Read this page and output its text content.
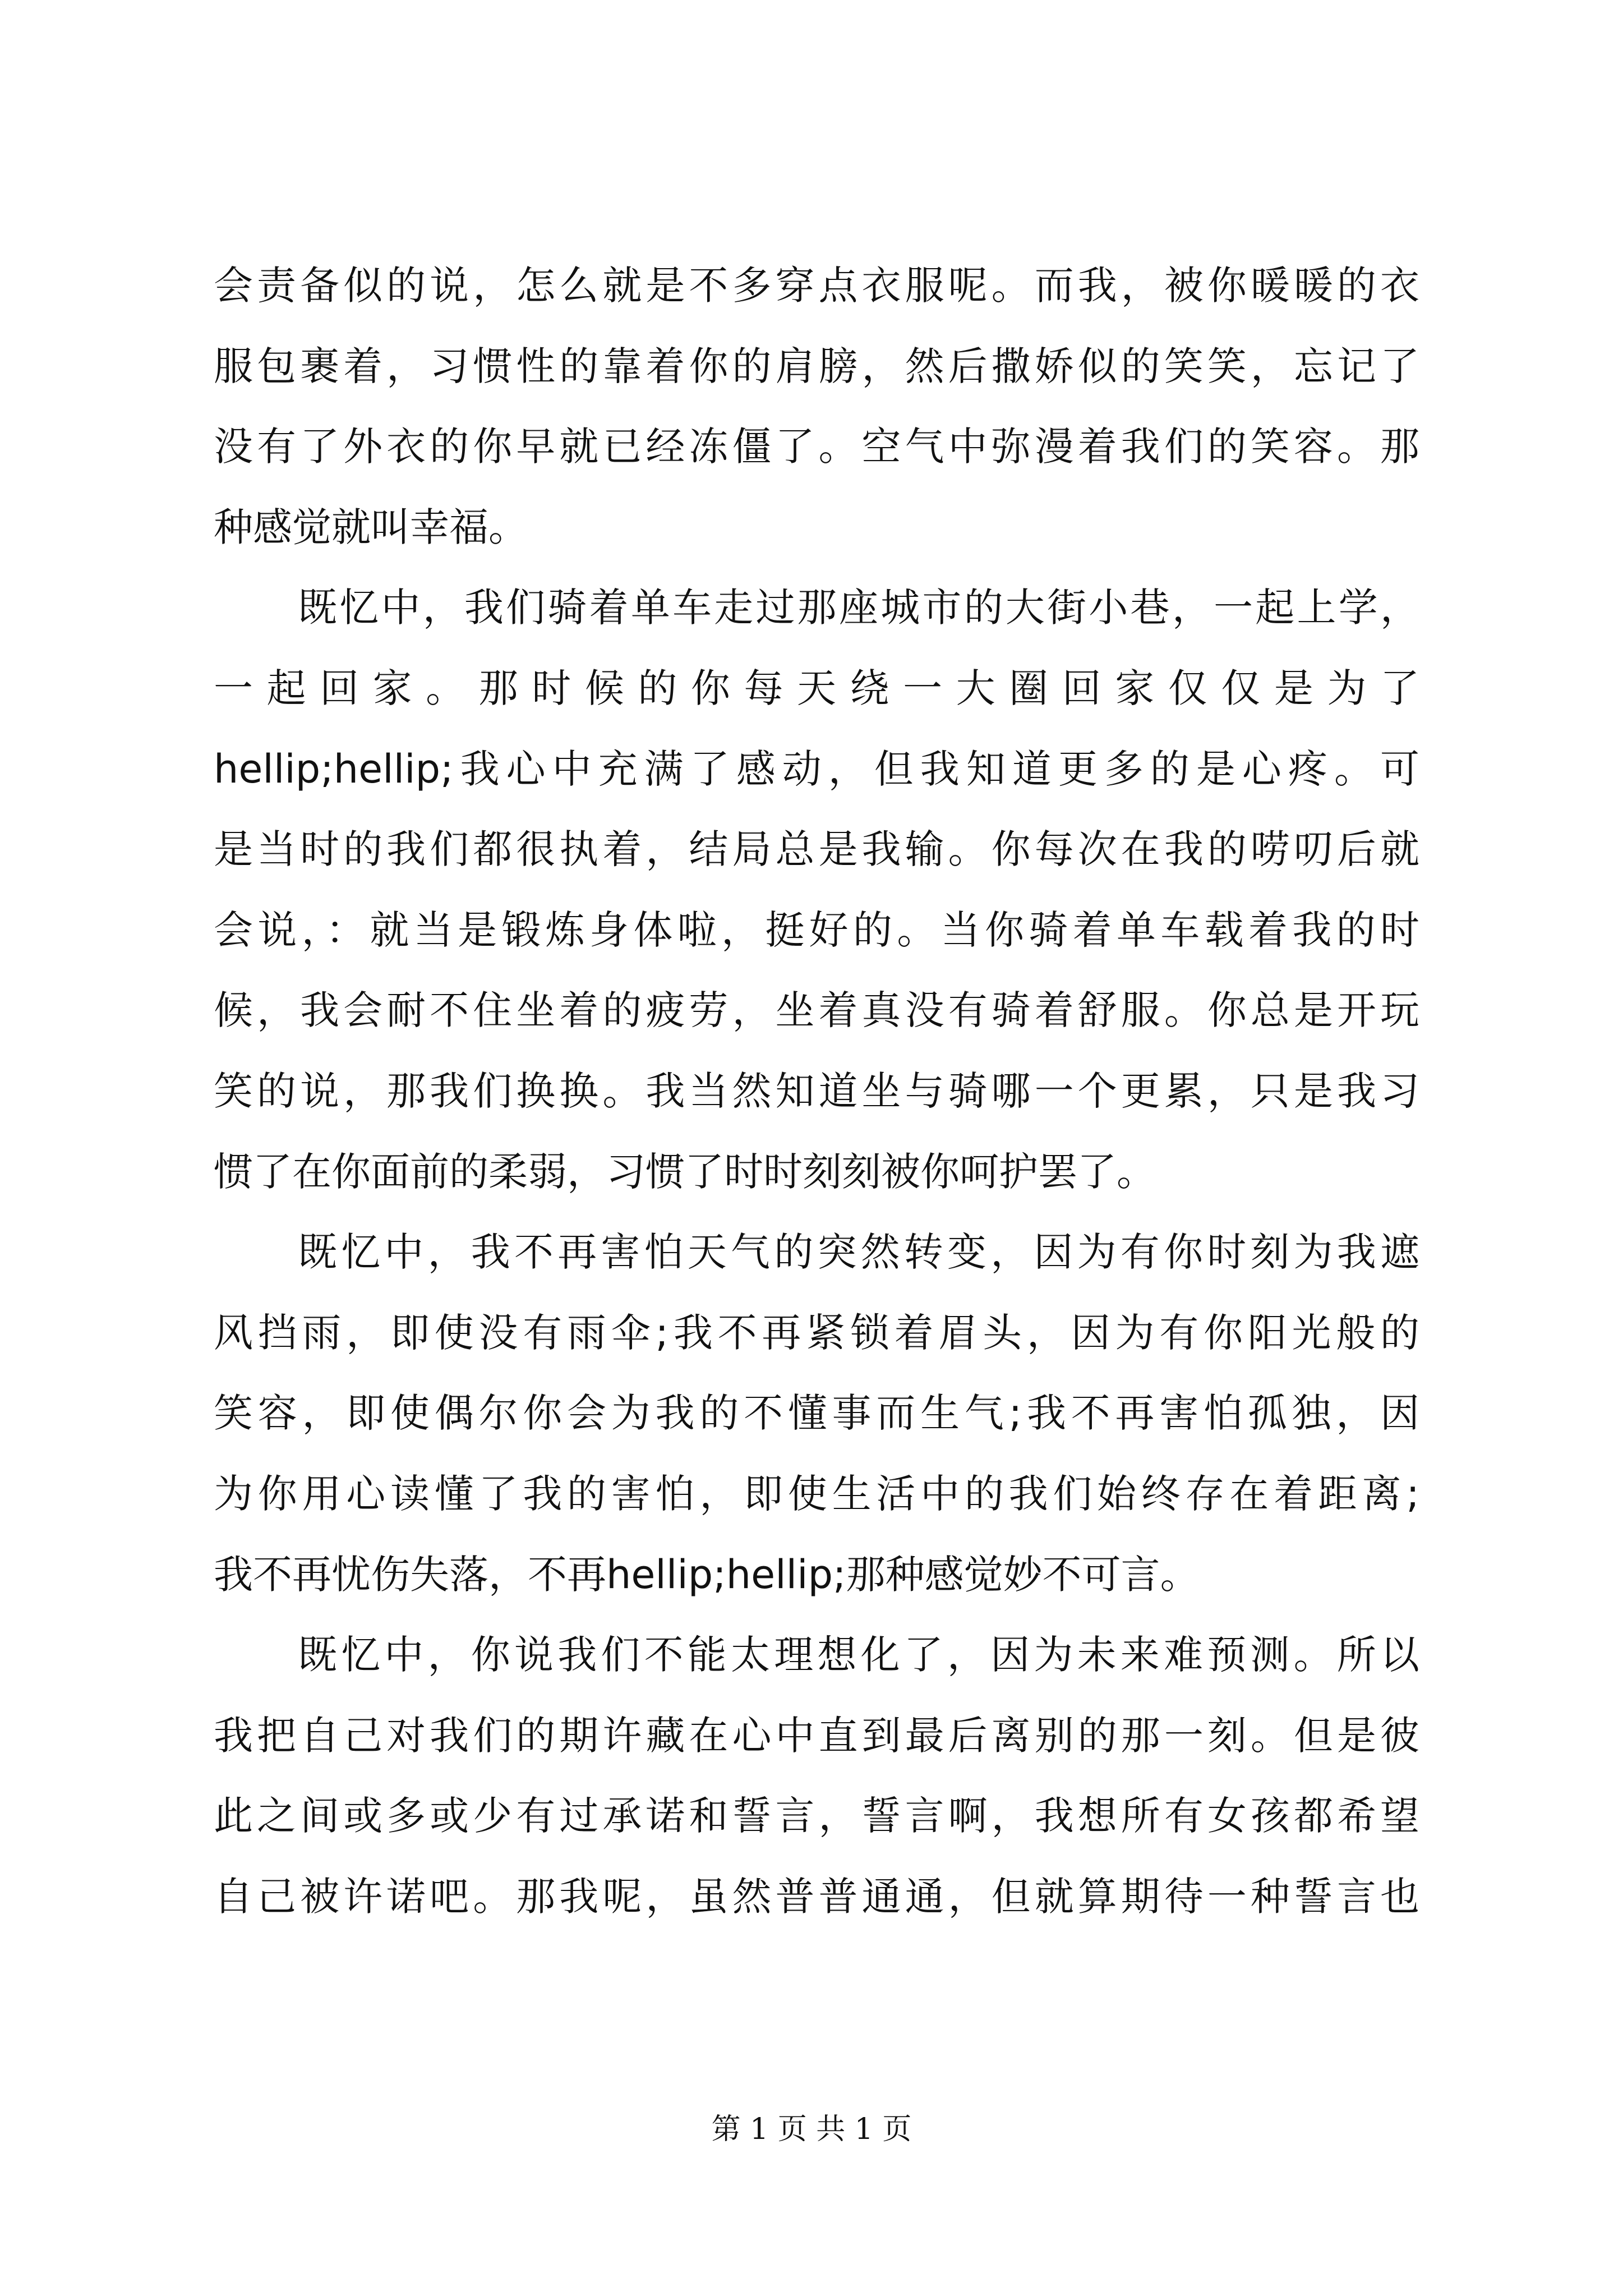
会责备似的说，怎么就是不多穿点衣服呢。而我，被你暖暖的衣
服包裹着，习惯性的靠着你的肩膀，然后撒娇似的笑笑，忘记了
没有了外衣的你早就已经冻僵了。空气中弥漫着我们的笑容。那
种感觉就叫幸福。
既忆中，我们骑着单车走过那座城市的大街小巷，一起上学，
一起回家。那时候的你每天绕一大圈回家仅仅是为了
hellip;hellip;我心中充满了感动，但我知道更多的是心疼。可
是当时的我们都很执着，结局总是我输。你每次在我的唠叨后就
会说，：就当是锻炼身体啦，挺好的。当你骑着单车载着我的时
候，我会耐不住坐着的疲劳，坐着真没有骑着舒服。你总是开玩
笑的说，那我们换换。我当然知道坐与骑哪一个更累，只是我习
惯了在你面前的柔弱，习惯了时时刻刻被你呵护罢了。
既忆中，我不再害怕天气的突然转变，因为有你时刻为我遮
风挡雨，即使没有雨伞;我不再紧锁着眉头，因为有你阳光般的
笑容，即使偶尔你会为我的不懂事而生气;我不再害怕孤独，因
为你用心读懂了我的害怕，即使生活中的我们始终存在着距离;
我不再忧伤失落，不再hellip;hellip;那种感觉妙不可言。
既忆中，你说我们不能太理想化了，因为未来难预测。所以
我把自己对我们的期许藏在心中直到最后离别的那一刻。但是彼
此之间或多或少有过承诺和誓言，誓言啊，我想所有女孩都希望
自己被许诺吧。那我呢，虽然普普通通，但就算期待一种誓言也
第 1 页 共 1 页
